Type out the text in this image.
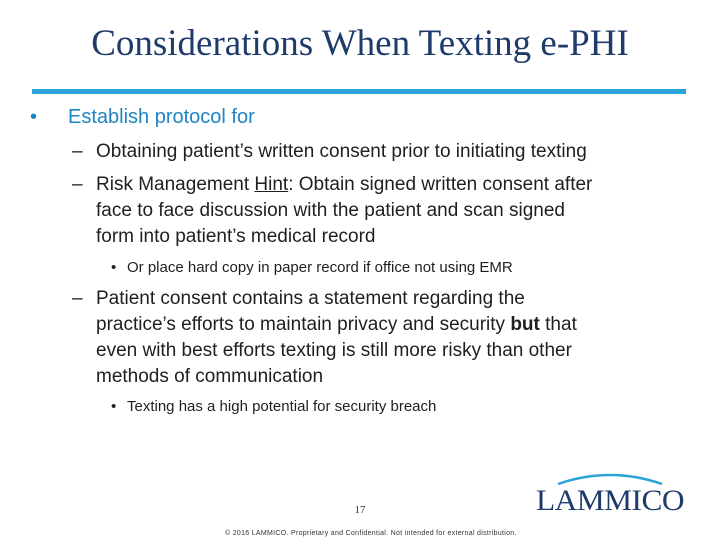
Considerations When Texting e-PHI
• Establish protocol for
– Obtaining patient’s written consent prior to initiating texting
– Risk Management Hint: Obtain signed written consent after
face to face discussion with the patient and scan signed
form into patient’s medical record
• Or place hard copy in paper record if office not using EMR
– Patient consent contains a statement regarding the
practice’s efforts to maintain privacy and security but that
even with best efforts texting is still more risky than other
methods of communication
• Texting has a high potential for security breach
17
© 2016 LAMMICO. Proprietary and Confidential. Not intended for external distribution.
LAMMICO
